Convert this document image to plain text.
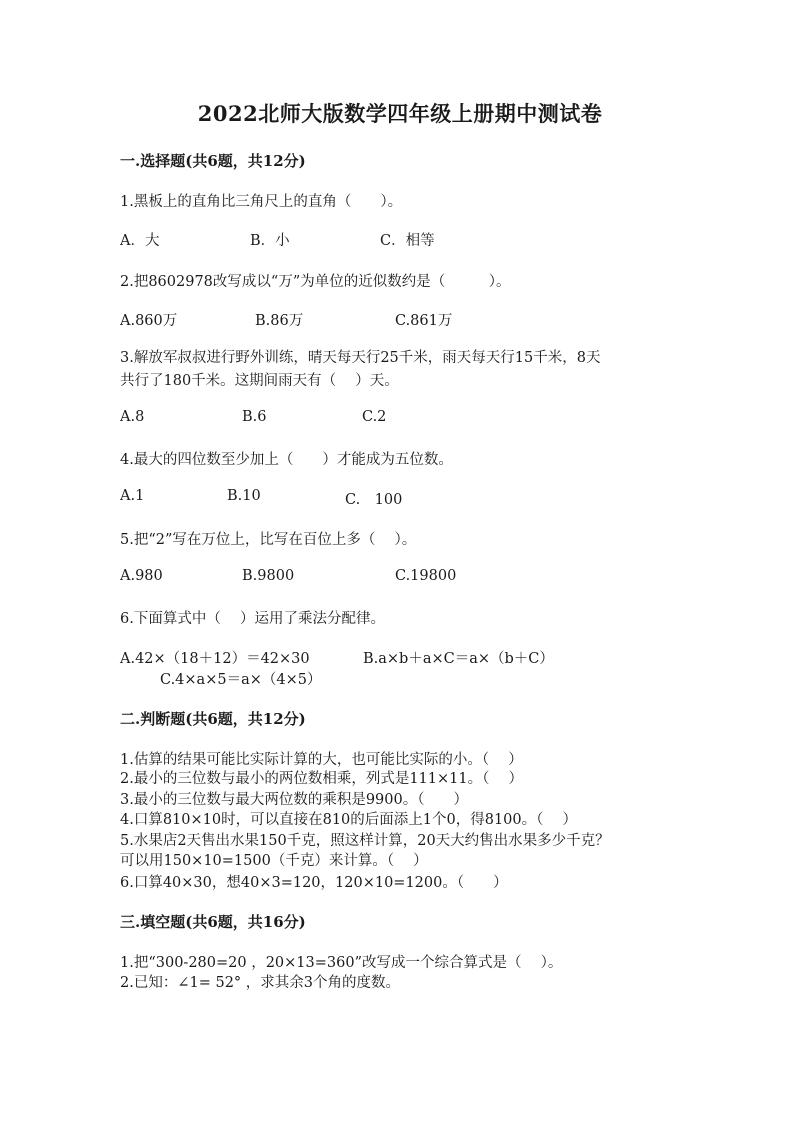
2022北师大版数学四年级上册期中测试卷
一.选择题(共6题，共12分)
1.黑板上的直角比三角尺上的直角（　　）。
A．大	B．小	C．相等
2.把8602978改写成以“万”为单位的近似数约是（　　　）。
A.860万	B.86万	C.861万
3.解放军叔叔进行野外训练，晴天每天行25千米，雨天每天行15千米，8天
共行了180千米。这期间雨天有（　 ）天。
A.8	B.6	C.2
4.最大的四位数至少加上（　　）才能成为五位数。
A.1	B.10	C.　100
5.把“2”写在万位上，比写在百位上多（　 ）。
A.980	B.9800	C.19800
6.下面算式中（　 ）运用了乘法分配律。
A.42×（18＋12）＝42×30	B.a×b＋a×C＝a×（b＋C）
C.4×a×5＝a×（4×5）
二.判断题(共6题，共12分)
1.估算的结果可能比实际计算的大，也可能比实际的小。（　 ）
2.最小的三位数与最小的两位数相乘，列式是111×11。（　 ）
3.最小的三位数与最大两位数的乘积是9900。（　　）
4.口算810×10时，可以直接在810的后面添上1个0，得8100。（　 ）
5.水果店2天售出水果150千克，照这样计算，20天大约售出水果多少千克？
可以用150×10=1500（千克）来计算。（　 ）
6.口算40×30，想40×3=120，120×10=1200。（　　）
三.填空题(共6题，共16分)
1.把“300-280=20 ，20×13=360”改写成一个综合算式是（　 ）。
2.已知：∠1= 52° ，求其余3个角的度数。
